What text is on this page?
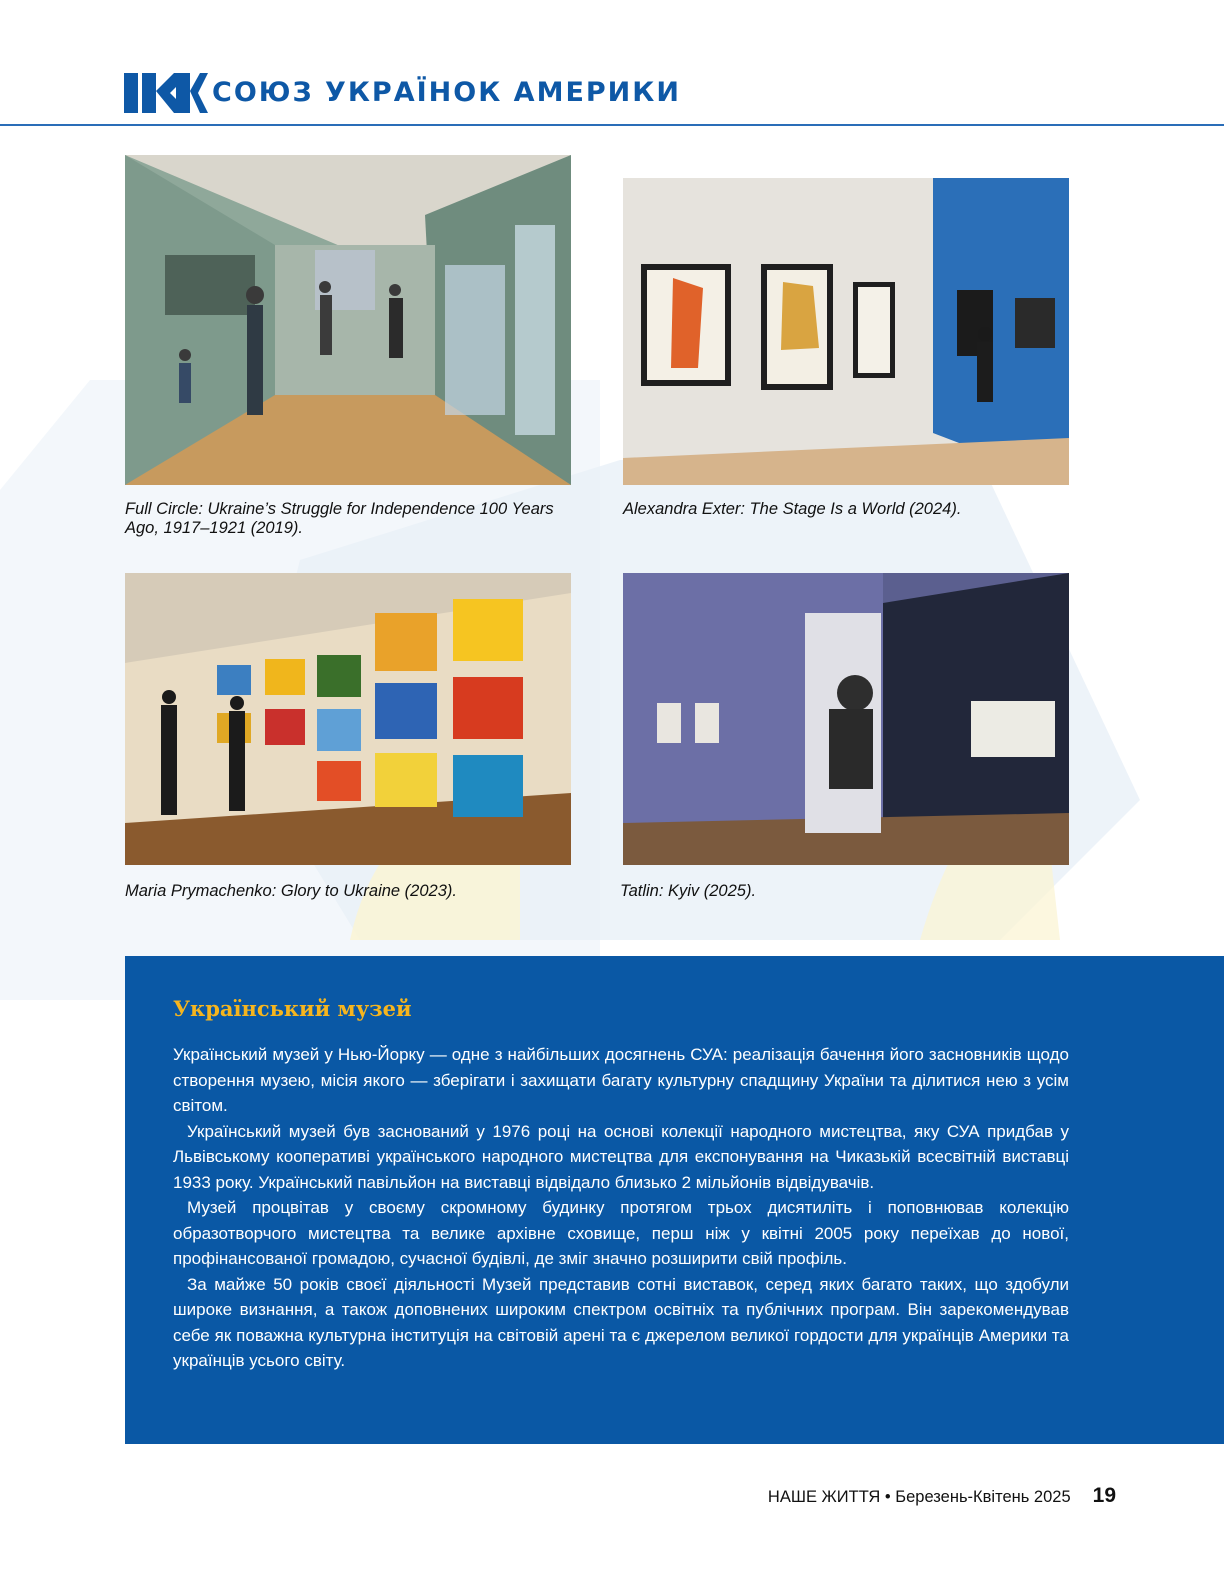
СОЮЗ УКРАЇНОК АМЕРИКИ
Full Circle: Ukraine’s Struggle for Independence 100 Years Ago, 1917–1921 (2019).
Alexandra Exter: The Stage Is a World (2024).
Maria Prymachenko: Glory to Ukraine (2023).	Tatlin: Kyiv (2025).
Український музей

Український музей у Нью-Йорку — одне з найбільших досягнень СУА: реалізація бачення його засновників щодо створення музею, місія якого — зберігати і захищати багату культурну спадщину України та ділитися нею з усім світом.

Український музей був заснований у 1976 році на основі колекції народного мистецтва, яку СУА придбав у Львівському кооперативі українського народного мистецтва для експонування на Чиказькій всесвітній виставці 1933 року. Український павільйон на виставці відвідало близько 2 мільйонів відвідувачів.

Музей процвітав у своєму скромному будинку протягом трьох дисятиліть і поповнював колекцію образотворчого мистецтва та велике архівне сховище, перш ніж у квітні 2005 року переїхав до нової, профінансованої громадою, сучасної будівлі, де зміг значно розширити свій профіль.

За майже 50 років своєї діяльності Музей представив сотні виставок, серед яких багато таких, що здобули широке визнання, а також доповнених широким спектром освітніх та публічних програм. Він зарекомендував себе як поважна культурна інституція на світовій арені та є джерелом великої гордости для українців Америки та українців усього світу.

НАШЕ ЖИТТЯ • Березень-Квітень 2025 19
